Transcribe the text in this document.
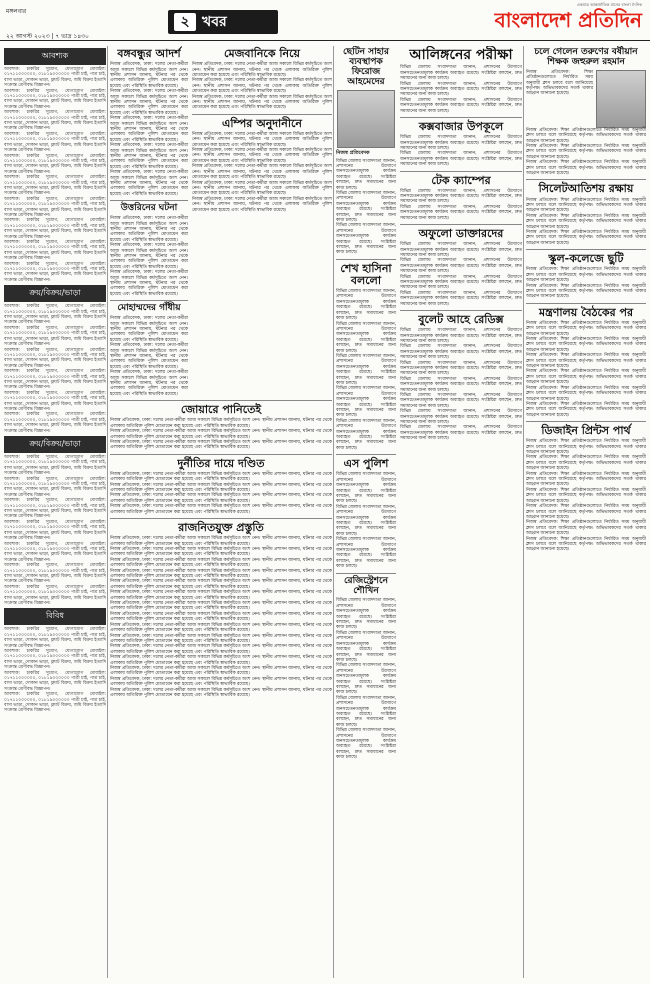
মঙ্গলবার
২২ আগস্ট ২০২৩ | ৭ ভাদ্র ১৪৩০
২ খবর
একমাত্র আন্তর্জাতিক মানের বাংলা দৈনিক
বাংলাদেশ প্রতিদিন
আবশ্যক

আবশ্যক: চাকরির সুযোগ, যোগাযোগ মোবাইল: ০১৭১১০০০০০০, ০১৮১৯০০০০০০ পাত্রী চাই, পাত্র চাই, বাসা ভাড়া, দোকান ভাড়া, ফ্ল্যাট বিক্রয়, জমি বিক্রয় ইত্যাদি সংক্রান্ত শ্রেণীবদ্ধ বিজ্ঞাপন।

আবশ্যক: চাকরির সুযোগ, যোগাযোগ মোবাইল: ০১৭১১০০০০০০, ০১৮১৯০০০০০০ পাত্রী চাই, পাত্র চাই, বাসা ভাড়া, দোকান ভাড়া, ফ্ল্যাট বিক্রয়, জমি বিক্রয় ইত্যাদি সংক্রান্ত শ্রেণীবদ্ধ বিজ্ঞাপন।

আবশ্যক: চাকরির সুযোগ, যোগাযোগ মোবাইল: ০১৭১১০০০০০০, ০১৮১৯০০০০০০ পাত্রী চাই, পাত্র চাই, বাসা ভাড়া, দোকান ভাড়া, ফ্ল্যাট বিক্রয়, জমি বিক্রয় ইত্যাদি সংক্রান্ত শ্রেণীবদ্ধ বিজ্ঞাপন।

আবশ্যক: চাকরির সুযোগ, যোগাযোগ মোবাইল: ০১৭১১০০০০০০, ০১৮১৯০০০০০০ পাত্রী চাই, পাত্র চাই, বাসা ভাড়া, দোকান ভাড়া, ফ্ল্যাট বিক্রয়, জমি বিক্রয় ইত্যাদি সংক্রান্ত শ্রেণীবদ্ধ বিজ্ঞাপন।

আবশ্যক: চাকরির সুযোগ, যোগাযোগ মোবাইল: ০১৭১১০০০০০০, ০১৮১৯০০০০০০ পাত্রী চাই, পাত্র চাই, বাসা ভাড়া, দোকান ভাড়া, ফ্ল্যাট বিক্রয়, জমি বিক্রয় ইত্যাদি সংক্রান্ত শ্রেণীবদ্ধ বিজ্ঞাপন।

আবশ্যক: চাকরির সুযোগ, যোগাযোগ মোবাইল: ০১৭১১০০০০০০, ০১৮১৯০০০০০০ পাত্রী চাই, পাত্র চাই, বাসা ভাড়া, দোকান ভাড়া, ফ্ল্যাট বিক্রয়, জমি বিক্রয় ইত্যাদি সংক্রান্ত শ্রেণীবদ্ধ বিজ্ঞাপন।

আবশ্যক: চাকরির সুযোগ, যোগাযোগ মোবাইল: ০১৭১১০০০০০০, ০১৮১৯০০০০০০ পাত্রী চাই, পাত্র চাই, বাসা ভাড়া, দোকান ভাড়া, ফ্ল্যাট বিক্রয়, জমি বিক্রয় ইত্যাদি সংক্রান্ত শ্রেণীবদ্ধ বিজ্ঞাপন।

আবশ্যক: চাকরির সুযোগ, যোগাযোগ মোবাইল: ০১৭১১০০০০০০, ০১৮১৯০০০০০০ পাত্রী চাই, পাত্র চাই, বাসা ভাড়া, দোকান ভাড়া, ফ্ল্যাট বিক্রয়, জমি বিক্রয় ইত্যাদি সংক্রান্ত শ্রেণীবদ্ধ বিজ্ঞাপন।

আবশ্যক: চাকরির সুযোগ, যোগাযোগ মোবাইল: ০১৭১১০০০০০০, ০১৮১৯০০০০০০ পাত্রী চাই, পাত্র চাই, বাসা ভাড়া, দোকান ভাড়া, ফ্ল্যাট বিক্রয়, জমি বিক্রয় ইত্যাদি সংক্রান্ত শ্রেণীবদ্ধ বিজ্ঞাপন।

আবশ্যক: চাকরির সুযোগ, যোগাযোগ মোবাইল: ০১৭১১০০০০০০, ০১৮১৯০০০০০০ পাত্রী চাই, পাত্র চাই, বাসা ভাড়া, দোকান ভাড়া, ফ্ল্যাট বিক্রয়, জমি বিক্রয় ইত্যাদি সংক্রান্ত শ্রেণীবদ্ধ বিজ্ঞাপন।

ক্রয়/বিক্রয়/ভাড়া

আবশ্যক: চাকরির সুযোগ, যোগাযোগ মোবাইল: ০১৭১১০০০০০০, ০১৮১৯০০০০০০ পাত্রী চাই, পাত্র চাই, বাসা ভাড়া, দোকান ভাড়া, ফ্ল্যাট বিক্রয়, জমি বিক্রয় ইত্যাদি সংক্রান্ত শ্রেণীবদ্ধ বিজ্ঞাপন।

আবশ্যক: চাকরির সুযোগ, যোগাযোগ মোবাইল: ০১৭১১০০০০০০, ০১৮১৯০০০০০০ পাত্রী চাই, পাত্র চাই, বাসা ভাড়া, দোকান ভাড়া, ফ্ল্যাট বিক্রয়, জমি বিক্রয় ইত্যাদি সংক্রান্ত শ্রেণীবদ্ধ বিজ্ঞাপন।

আবশ্যক: চাকরির সুযোগ, যোগাযোগ মোবাইল: ০১৭১১০০০০০০, ০১৮১৯০০০০০০ পাত্রী চাই, পাত্র চাই, বাসা ভাড়া, দোকান ভাড়া, ফ্ল্যাট বিক্রয়, জমি বিক্রয় ইত্যাদি সংক্রান্ত শ্রেণীবদ্ধ বিজ্ঞাপন।

আবশ্যক: চাকরির সুযোগ, যোগাযোগ মোবাইল: ০১৭১১০০০০০০, ০১৮১৯০০০০০০ পাত্রী চাই, পাত্র চাই, বাসা ভাড়া, দোকান ভাড়া, ফ্ল্যাট বিক্রয়, জমি বিক্রয় ইত্যাদি সংক্রান্ত শ্রেণীবদ্ধ বিজ্ঞাপন।

আবশ্যক: চাকরির সুযোগ, যোগাযোগ মোবাইল: ০১৭১১০০০০০০, ০১৮১৯০০০০০০ পাত্রী চাই, পাত্র চাই, বাসা ভাড়া, দোকান ভাড়া, ফ্ল্যাট বিক্রয়, জমি বিক্রয় ইত্যাদি সংক্রান্ত শ্রেণীবদ্ধ বিজ্ঞাপন।

আবশ্যক: চাকরির সুযোগ, যোগাযোগ মোবাইল: ০১৭১১০০০০০০, ০১৮১৯০০০০০০ পাত্রী চাই, পাত্র চাই, বাসা ভাড়া, দোকান ভাড়া, ফ্ল্যাট বিক্রয়, জমি বিক্রয় ইত্যাদি সংক্রান্ত শ্রেণীবদ্ধ বিজ্ঞাপন।

ক্রয়/বিক্রয়/ভাড়া

আবশ্যক: চাকরির সুযোগ, যোগাযোগ মোবাইল: ০১৭১১০০০০০০, ০১৮১৯০০০০০০ পাত্রী চাই, পাত্র চাই, বাসা ভাড়া, দোকান ভাড়া, ফ্ল্যাট বিক্রয়, জমি বিক্রয় ইত্যাদি সংক্রান্ত শ্রেণীবদ্ধ বিজ্ঞাপন।

আবশ্যক: চাকরির সুযোগ, যোগাযোগ মোবাইল: ০১৭১১০০০০০০, ০১৮১৯০০০০০০ পাত্রী চাই, পাত্র চাই, বাসা ভাড়া, দোকান ভাড়া, ফ্ল্যাট বিক্রয়, জমি বিক্রয় ইত্যাদি সংক্রান্ত শ্রেণীবদ্ধ বিজ্ঞাপন।

আবশ্যক: চাকরির সুযোগ, যোগাযোগ মোবাইল: ০১৭১১০০০০০০, ০১৮১৯০০০০০০ পাত্রী চাই, পাত্র চাই, বাসা ভাড়া, দোকান ভাড়া, ফ্ল্যাট বিক্রয়, জমি বিক্রয় ইত্যাদি সংক্রান্ত শ্রেণীবদ্ধ বিজ্ঞাপন।

আবশ্যক: চাকরির সুযোগ, যোগাযোগ মোবাইল: ০১৭১১০০০০০০, ০১৮১৯০০০০০০ পাত্রী চাই, পাত্র চাই, বাসা ভাড়া, দোকান ভাড়া, ফ্ল্যাট বিক্রয়, জমি বিক্রয় ইত্যাদি সংক্রান্ত শ্রেণীবদ্ধ বিজ্ঞাপন।

আবশ্যক: চাকরির সুযোগ, যোগাযোগ মোবাইল: ০১৭১১০০০০০০, ০১৮১৯০০০০০০ পাত্রী চাই, পাত্র চাই, বাসা ভাড়া, দোকান ভাড়া, ফ্ল্যাট বিক্রয়, জমি বিক্রয় ইত্যাদি সংক্রান্ত শ্রেণীবদ্ধ বিজ্ঞাপন।

আবশ্যক: চাকরির সুযোগ, যোগাযোগ মোবাইল: ০১৭১১০০০০০০, ০১৮১৯০০০০০০ পাত্রী চাই, পাত্র চাই, বাসা ভাড়া, দোকান ভাড়া, ফ্ল্যাট বিক্রয়, জমি বিক্রয় ইত্যাদি সংক্রান্ত শ্রেণীবদ্ধ বিজ্ঞাপন।

আবশ্যক: চাকরির সুযোগ, যোগাযোগ মোবাইল: ০১৭১১০০০০০০, ০১৮১৯০০০০০০ পাত্রী চাই, পাত্র চাই, বাসা ভাড়া, দোকান ভাড়া, ফ্ল্যাট বিক্রয়, জমি বিক্রয় ইত্যাদি সংক্রান্ত শ্রেণীবদ্ধ বিজ্ঞাপন।

বিবিধ

আবশ্যক: চাকরির সুযোগ, যোগাযোগ মোবাইল: ০১৭১১০০০০০০, ০১৮১৯০০০০০০ পাত্রী চাই, পাত্র চাই, বাসা ভাড়া, দোকান ভাড়া, ফ্ল্যাট বিক্রয়, জমি বিক্রয় ইত্যাদি সংক্রান্ত শ্রেণীবদ্ধ বিজ্ঞাপন।

আবশ্যক: চাকরির সুযোগ, যোগাযোগ মোবাইল: ০১৭১১০০০০০০, ০১৮১৯০০০০০০ পাত্রী চাই, পাত্র চাই, বাসা ভাড়া, দোকান ভাড়া, ফ্ল্যাট বিক্রয়, জমি বিক্রয় ইত্যাদি সংক্রান্ত শ্রেণীবদ্ধ বিজ্ঞাপন।

আবশ্যক: চাকরির সুযোগ, যোগাযোগ মোবাইল: ০১৭১১০০০০০০, ০১৮১৯০০০০০০ পাত্রী চাই, পাত্র চাই, বাসা ভাড়া, দোকান ভাড়া, ফ্ল্যাট বিক্রয়, জমি বিক্রয় ইত্যাদি সংক্রান্ত শ্রেণীবদ্ধ বিজ্ঞাপন।

আবশ্যক: চাকরির সুযোগ, যোগাযোগ মোবাইল: ০১৭১১০০০০০০, ০১৮১৯০০০০০০ পাত্রী চাই, পাত্র চাই, বাসা ভাড়া, দোকান ভাড়া, ফ্ল্যাট বিক্রয়, জমি বিক্রয় ইত্যাদি সংক্রান্ত শ্রেণীবদ্ধ বিজ্ঞাপন।

বঙ্গবন্ধুর আদর্শ

নিজস্ব প্রতিবেদক, ঢাকা: দলের নেতা-কর্মীরা আজ সকালে বিভিন্ন কর্মসূচিতে অংশ নেন। স্থানীয় প্রশাসন জানায়, ঘটনার পর থেকে এলাকায় অতিরিক্ত পুলিশ মোতায়েন করা হয়েছে এবং পরিস্থিতি স্বাভাবিক রয়েছে।

নিজস্ব প্রতিবেদক, ঢাকা: দলের নেতা-কর্মীরা আজ সকালে বিভিন্ন কর্মসূচিতে অংশ নেন। স্থানীয় প্রশাসন জানায়, ঘটনার পর থেকে এলাকায় অতিরিক্ত পুলিশ মোতায়েন করা হয়েছে এবং পরিস্থিতি স্বাভাবিক রয়েছে।

নিজস্ব প্রতিবেদক, ঢাকা: দলের নেতা-কর্মীরা আজ সকালে বিভিন্ন কর্মসূচিতে অংশ নেন। স্থানীয় প্রশাসন জানায়, ঘটনার পর থেকে এলাকায় অতিরিক্ত পুলিশ মোতায়েন করা হয়েছে এবং পরিস্থিতি স্বাভাবিক রয়েছে।

নিজস্ব প্রতিবেদক, ঢাকা: দলের নেতা-কর্মীরা আজ সকালে বিভিন্ন কর্মসূচিতে অংশ নেন। স্থানীয় প্রশাসন জানায়, ঘটনার পর থেকে এলাকায় অতিরিক্ত পুলিশ মোতায়েন করা হয়েছে এবং পরিস্থিতি স্বাভাবিক রয়েছে।

নিজস্ব প্রতিবেদক, ঢাকা: দলের নেতা-কর্মীরা আজ সকালে বিভিন্ন কর্মসূচিতে অংশ নেন। স্থানীয় প্রশাসন জানায়, ঘটনার পর থেকে এলাকায় অতিরিক্ত পুলিশ মোতায়েন করা হয়েছে এবং পরিস্থিতি স্বাভাবিক রয়েছে।

উত্তরিনের ঘটনা

নিজস্ব প্রতিবেদক, ঢাকা: দলের নেতা-কর্মীরা আজ সকালে বিভিন্ন কর্মসূচিতে অংশ নেন। স্থানীয় প্রশাসন জানায়, ঘটনার পর থেকে এলাকায় অতিরিক্ত পুলিশ মোতায়েন করা হয়েছে এবং পরিস্থিতি স্বাভাবিক রয়েছে।

নিজস্ব প্রতিবেদক, ঢাকা: দলের নেতা-কর্মীরা আজ সকালে বিভিন্ন কর্মসূচিতে অংশ নেন। স্থানীয় প্রশাসন জানায়, ঘটনার পর থেকে এলাকায় অতিরিক্ত পুলিশ মোতায়েন করা হয়েছে এবং পরিস্থিতি স্বাভাবিক রয়েছে।

নিজস্ব প্রতিবেদক, ঢাকা: দলের নেতা-কর্মীরা আজ সকালে বিভিন্ন কর্মসূচিতে অংশ নেন। স্থানীয় প্রশাসন জানায়, ঘটনার পর থেকে এলাকায় অতিরিক্ত পুলিশ মোতায়েন করা হয়েছে এবং পরিস্থিতি স্বাভাবিক রয়েছে।

মোহাম্মদের গাঁধীয়

নিজস্ব প্রতিবেদক, ঢাকা: দলের নেতা-কর্মীরা আজ সকালে বিভিন্ন কর্মসূচিতে অংশ নেন। স্থানীয় প্রশাসন জানায়, ঘটনার পর থেকে এলাকায় অতিরিক্ত পুলিশ মোতায়েন করা হয়েছে এবং পরিস্থিতি স্বাভাবিক রয়েছে।

নিজস্ব প্রতিবেদক, ঢাকা: দলের নেতা-কর্মীরা আজ সকালে বিভিন্ন কর্মসূচিতে অংশ নেন। স্থানীয় প্রশাসন জানায়, ঘটনার পর থেকে এলাকায় অতিরিক্ত পুলিশ মোতায়েন করা হয়েছে এবং পরিস্থিতি স্বাভাবিক রয়েছে।

নিজস্ব প্রতিবেদক, ঢাকা: দলের নেতা-কর্মীরা আজ সকালে বিভিন্ন কর্মসূচিতে অংশ নেন। স্থানীয় প্রশাসন জানায়, ঘটনার পর থেকে এলাকায় অতিরিক্ত পুলিশ মোতায়েন করা হয়েছে এবং পরিস্থিতি স্বাভাবিক রয়েছে।

মেজবানিকে নিয়ে

নিজস্ব প্রতিবেদক, ঢাকা: দলের নেতা-কর্মীরা আজ সকালে বিভিন্ন কর্মসূচিতে অংশ নেন। স্থানীয় প্রশাসন জানায়, ঘটনার পর থেকে এলাকায় অতিরিক্ত পুলিশ মোতায়েন করা হয়েছে এবং পরিস্থিতি স্বাভাবিক রয়েছে।

নিজস্ব প্রতিবেদক, ঢাকা: দলের নেতা-কর্মীরা আজ সকালে বিভিন্ন কর্মসূচিতে অংশ নেন। স্থানীয় প্রশাসন জানায়, ঘটনার পর থেকে এলাকায় অতিরিক্ত পুলিশ মোতায়েন করা হয়েছে এবং পরিস্থিতি স্বাভাবিক রয়েছে।

নিজস্ব প্রতিবেদক, ঢাকা: দলের নেতা-কর্মীরা আজ সকালে বিভিন্ন কর্মসূচিতে অংশ নেন। স্থানীয় প্রশাসন জানায়, ঘটনার পর থেকে এলাকায় অতিরিক্ত পুলিশ মোতায়েন করা হয়েছে এবং পরিস্থিতি স্বাভাবিক রয়েছে।

এম্পির অনুদানীনে

নিজস্ব প্রতিবেদক, ঢাকা: দলের নেতা-কর্মীরা আজ সকালে বিভিন্ন কর্মসূচিতে অংশ নেন। স্থানীয় প্রশাসন জানায়, ঘটনার পর থেকে এলাকায় অতিরিক্ত পুলিশ মোতায়েন করা হয়েছে এবং পরিস্থিতি স্বাভাবিক রয়েছে।

নিজস্ব প্রতিবেদক, ঢাকা: দলের নেতা-কর্মীরা আজ সকালে বিভিন্ন কর্মসূচিতে অংশ নেন। স্থানীয় প্রশাসন জানায়, ঘটনার পর থেকে এলাকায় অতিরিক্ত পুলিশ মোতায়েন করা হয়েছে এবং পরিস্থিতি স্বাভাবিক রয়েছে।

নিজস্ব প্রতিবেদক, ঢাকা: দলের নেতা-কর্মীরা আজ সকালে বিভিন্ন কর্মসূচিতে অংশ নেন। স্থানীয় প্রশাসন জানায়, ঘটনার পর থেকে এলাকায় অতিরিক্ত পুলিশ মোতায়েন করা হয়েছে এবং পরিস্থিতি স্বাভাবিক রয়েছে।

নিজস্ব প্রতিবেদক, ঢাকা: দলের নেতা-কর্মীরা আজ সকালে বিভিন্ন কর্মসূচিতে অংশ নেন। স্থানীয় প্রশাসন জানায়, ঘটনার পর থেকে এলাকায় অতিরিক্ত পুলিশ মোতায়েন করা হয়েছে এবং পরিস্থিতি স্বাভাবিক রয়েছে।

নিজস্ব প্রতিবেদক, ঢাকা: দলের নেতা-কর্মীরা আজ সকালে বিভিন্ন কর্মসূচিতে অংশ নেন। স্থানীয় প্রশাসন জানায়, ঘটনার পর থেকে এলাকায় অতিরিক্ত পুলিশ মোতায়েন করা হয়েছে এবং পরিস্থিতি স্বাভাবিক রয়েছে।

জোয়ারে পানিতেই

নিজস্ব প্রতিবেদক, ঢাকা: দলের নেতা-কর্মীরা আজ সকালে বিভিন্ন কর্মসূচিতে অংশ নেন। স্থানীয় প্রশাসন জানায়, ঘটনার পর থেকে এলাকায় অতিরিক্ত পুলিশ মোতায়েন করা হয়েছে এবং পরিস্থিতি স্বাভাবিক রয়েছে।

নিজস্ব প্রতিবেদক, ঢাকা: দলের নেতা-কর্মীরা আজ সকালে বিভিন্ন কর্মসূচিতে অংশ নেন। স্থানীয় প্রশাসন জানায়, ঘটনার পর থেকে এলাকায় অতিরিক্ত পুলিশ মোতায়েন করা হয়েছে এবং পরিস্থিতি স্বাভাবিক রয়েছে।

নিজস্ব প্রতিবেদক, ঢাকা: দলের নেতা-কর্মীরা আজ সকালে বিভিন্ন কর্মসূচিতে অংশ নেন। স্থানীয় প্রশাসন জানায়, ঘটনার পর থেকে এলাকায় অতিরিক্ত পুলিশ মোতায়েন করা হয়েছে এবং পরিস্থিতি স্বাভাবিক রয়েছে।

দুর্নীতির দায়ে দণ্ডিত

নিজস্ব প্রতিবেদক, ঢাকা: দলের নেতা-কর্মীরা আজ সকালে বিভিন্ন কর্মসূচিতে অংশ নেন। স্থানীয় প্রশাসন জানায়, ঘটনার পর থেকে এলাকায় অতিরিক্ত পুলিশ মোতায়েন করা হয়েছে এবং পরিস্থিতি স্বাভাবিক রয়েছে।

নিজস্ব প্রতিবেদক, ঢাকা: দলের নেতা-কর্মীরা আজ সকালে বিভিন্ন কর্মসূচিতে অংশ নেন। স্থানীয় প্রশাসন জানায়, ঘটনার পর থেকে এলাকায় অতিরিক্ত পুলিশ মোতায়েন করা হয়েছে এবং পরিস্থিতি স্বাভাবিক রয়েছে।

নিজস্ব প্রতিবেদক, ঢাকা: দলের নেতা-কর্মীরা আজ সকালে বিভিন্ন কর্মসূচিতে অংশ নেন। স্থানীয় প্রশাসন জানায়, ঘটনার পর থেকে এলাকায় অতিরিক্ত পুলিশ মোতায়েন করা হয়েছে এবং পরিস্থিতি স্বাভাবিক রয়েছে।

নিজস্ব প্রতিবেদক, ঢাকা: দলের নেতা-কর্মীরা আজ সকালে বিভিন্ন কর্মসূচিতে অংশ নেন। স্থানীয় প্রশাসন জানায়, ঘটনার পর থেকে এলাকায় অতিরিক্ত পুলিশ মোতায়েন করা হয়েছে এবং পরিস্থিতি স্বাভাবিক রয়েছে।

রাজনিতয়ুক্ত প্রস্তুতি

নিজস্ব প্রতিবেদক, ঢাকা: দলের নেতা-কর্মীরা আজ সকালে বিভিন্ন কর্মসূচিতে অংশ নেন। স্থানীয় প্রশাসন জানায়, ঘটনার পর থেকে এলাকায় অতিরিক্ত পুলিশ মোতায়েন করা হয়েছে এবং পরিস্থিতি স্বাভাবিক রয়েছে।

নিজস্ব প্রতিবেদক, ঢাকা: দলের নেতা-কর্মীরা আজ সকালে বিভিন্ন কর্মসূচিতে অংশ নেন। স্থানীয় প্রশাসন জানায়, ঘটনার পর থেকে এলাকায় অতিরিক্ত পুলিশ মোতায়েন করা হয়েছে এবং পরিস্থিতি স্বাভাবিক রয়েছে।

নিজস্ব প্রতিবেদক, ঢাকা: দলের নেতা-কর্মীরা আজ সকালে বিভিন্ন কর্মসূচিতে অংশ নেন। স্থানীয় প্রশাসন জানায়, ঘটনার পর থেকে এলাকায় অতিরিক্ত পুলিশ মোতায়েন করা হয়েছে এবং পরিস্থিতি স্বাভাবিক রয়েছে।

নিজস্ব প্রতিবেদক, ঢাকা: দলের নেতা-কর্মীরা আজ সকালে বিভিন্ন কর্মসূচিতে অংশ নেন। স্থানীয় প্রশাসন জানায়, ঘটনার পর থেকে এলাকায় অতিরিক্ত পুলিশ মোতায়েন করা হয়েছে এবং পরিস্থিতি স্বাভাবিক রয়েছে।

নিজস্ব প্রতিবেদক, ঢাকা: দলের নেতা-কর্মীরা আজ সকালে বিভিন্ন কর্মসূচিতে অংশ নেন। স্থানীয় প্রশাসন জানায়, ঘটনার পর থেকে এলাকায় অতিরিক্ত পুলিশ মোতায়েন করা হয়েছে এবং পরিস্থিতি স্বাভাবিক রয়েছে।

নিজস্ব প্রতিবেদক, ঢাকা: দলের নেতা-কর্মীরা আজ সকালে বিভিন্ন কর্মসূচিতে অংশ নেন। স্থানীয় প্রশাসন জানায়, ঘটনার পর থেকে এলাকায় অতিরিক্ত পুলিশ মোতায়েন করা হয়েছে এবং পরিস্থিতি স্বাভাবিক রয়েছে।

নিজস্ব প্রতিবেদক, ঢাকা: দলের নেতা-কর্মীরা আজ সকালে বিভিন্ন কর্মসূচিতে অংশ নেন। স্থানীয় প্রশাসন জানায়, ঘটনার পর থেকে এলাকায় অতিরিক্ত পুলিশ মোতায়েন করা হয়েছে এবং পরিস্থিতি স্বাভাবিক রয়েছে।

নিজস্ব প্রতিবেদক, ঢাকা: দলের নেতা-কর্মীরা আজ সকালে বিভিন্ন কর্মসূচিতে অংশ নেন। স্থানীয় প্রশাসন জানায়, ঘটনার পর থেকে এলাকায় অতিরিক্ত পুলিশ মোতায়েন করা হয়েছে এবং পরিস্থিতি স্বাভাবিক রয়েছে।

নিজস্ব প্রতিবেদক, ঢাকা: দলের নেতা-কর্মীরা আজ সকালে বিভিন্ন কর্মসূচিতে অংশ নেন। স্থানীয় প্রশাসন জানায়, ঘটনার পর থেকে এলাকায় অতিরিক্ত পুলিশ মোতায়েন করা হয়েছে এবং পরিস্থিতি স্বাভাবিক রয়েছে।

নিজস্ব প্রতিবেদক, ঢাকা: দলের নেতা-কর্মীরা আজ সকালে বিভিন্ন কর্মসূচিতে অংশ নেন। স্থানীয় প্রশাসন জানায়, ঘটনার পর থেকে এলাকায় অতিরিক্ত পুলিশ মোতায়েন করা হয়েছে এবং পরিস্থিতি স্বাভাবিক রয়েছে।

নিজস্ব প্রতিবেদক, ঢাকা: দলের নেতা-কর্মীরা আজ সকালে বিভিন্ন কর্মসূচিতে অংশ নেন। স্থানীয় প্রশাসন জানায়, ঘটনার পর থেকে এলাকায় অতিরিক্ত পুলিশ মোতায়েন করা হয়েছে এবং পরিস্থিতি স্বাভাবিক রয়েছে।

নিজস্ব প্রতিবেদক, ঢাকা: দলের নেতা-কর্মীরা আজ সকালে বিভিন্ন কর্মসূচিতে অংশ নেন। স্থানীয় প্রশাসন জানায়, ঘটনার পর থেকে এলাকায় অতিরিক্ত পুলিশ মোতায়েন করা হয়েছে এবং পরিস্থিতি স্বাভাবিক রয়েছে।

নিজস্ব প্রতিবেদক, ঢাকা: দলের নেতা-কর্মীরা আজ সকালে বিভিন্ন কর্মসূচিতে অংশ নেন। স্থানীয় প্রশাসন জানায়, ঘটনার পর থেকে এলাকায় অতিরিক্ত পুলিশ মোতায়েন করা হয়েছে এবং পরিস্থিতি স্বাভাবিক রয়েছে।

নিজস্ব প্রতিবেদক, ঢাকা: দলের নেতা-কর্মীরা আজ সকালে বিভিন্ন কর্মসূচিতে অংশ নেন। স্থানীয় প্রশাসন জানায়, ঘটনার পর থেকে এলাকায় অতিরিক্ত পুলিশ মোতায়েন করা হয়েছে এবং পরিস্থিতি স্বাভাবিক রয়েছে।

নিজস্ব প্রতিবেদক, ঢাকা: দলের নেতা-কর্মীরা আজ সকালে বিভিন্ন কর্মসূচিতে অংশ নেন। স্থানীয় প্রশাসন জানায়, ঘটনার পর থেকে এলাকায় অতিরিক্ত পুলিশ মোতায়েন করা হয়েছে এবং পরিস্থিতি স্বাভাবিক রয়েছে।

ছেটিন সাহার ব্যবস্থাপক ফিরোজ আহমেদের
নিজস্ব প্রতিবেদক

বিভিন্ন জেলায় সংবাদদাতা জানান, প্রশাসনের উদ্যোগে জনসচেতনতামূলক কার্যক্রম অব্যাহত রয়েছে। সংশ্লিষ্টরা বলছেন, দ্রুত সমাধানের জন্য কাজ চলছে।

বিভিন্ন জেলায় সংবাদদাতা জানান, প্রশাসনের উদ্যোগে জনসচেতনতামূলক কার্যক্রম অব্যাহত রয়েছে। সংশ্লিষ্টরা বলছেন, দ্রুত সমাধানের জন্য কাজ চলছে।

বিভিন্ন জেলায় সংবাদদাতা জানান, প্রশাসনের উদ্যোগে জনসচেতনতামূলক কার্যক্রম অব্যাহত রয়েছে। সংশ্লিষ্টরা বলছেন, দ্রুত সমাধানের জন্য কাজ চলছে।

শেখ হাসিনা বললো

বিভিন্ন জেলায় সংবাদদাতা জানান, প্রশাসনের উদ্যোগে জনসচেতনতামূলক কার্যক্রম অব্যাহত রয়েছে। সংশ্লিষ্টরা বলছেন, দ্রুত সমাধানের জন্য কাজ চলছে।

বিভিন্ন জেলায় সংবাদদাতা জানান, প্রশাসনের উদ্যোগে জনসচেতনতামূলক কার্যক্রম অব্যাহত রয়েছে। সংশ্লিষ্টরা বলছেন, দ্রুত সমাধানের জন্য কাজ চলছে।

বিভিন্ন জেলায় সংবাদদাতা জানান, প্রশাসনের উদ্যোগে জনসচেতনতামূলক কার্যক্রম অব্যাহত রয়েছে। সংশ্লিষ্টরা বলছেন, দ্রুত সমাধানের জন্য কাজ চলছে।

বিভিন্ন জেলায় সংবাদদাতা জানান, প্রশাসনের উদ্যোগে জনসচেতনতামূলক কার্যক্রম অব্যাহত রয়েছে। সংশ্লিষ্টরা বলছেন, দ্রুত সমাধানের জন্য কাজ চলছে।

বিভিন্ন জেলায় সংবাদদাতা জানান, প্রশাসনের উদ্যোগে জনসচেতনতামূলক কার্যক্রম অব্যাহত রয়েছে। সংশ্লিষ্টরা বলছেন, দ্রুত সমাধানের জন্য কাজ চলছে।

এস পুলিশ

বিভিন্ন জেলায় সংবাদদাতা জানান, প্রশাসনের উদ্যোগে জনসচেতনতামূলক কার্যক্রম অব্যাহত রয়েছে। সংশ্লিষ্টরা বলছেন, দ্রুত সমাধানের জন্য কাজ চলছে।

বিভিন্ন জেলায় সংবাদদাতা জানান, প্রশাসনের উদ্যোগে জনসচেতনতামূলক কার্যক্রম অব্যাহত রয়েছে। সংশ্লিষ্টরা বলছেন, দ্রুত সমাধানের জন্য কাজ চলছে।

বিভিন্ন জেলায় সংবাদদাতা জানান, প্রশাসনের উদ্যোগে জনসচেতনতামূলক কার্যক্রম অব্যাহত রয়েছে। সংশ্লিষ্টরা বলছেন, দ্রুত সমাধানের জন্য কাজ চলছে।

রেজিস্ট্রেশনে শৌখিন

বিভিন্ন জেলায় সংবাদদাতা জানান, প্রশাসনের উদ্যোগে জনসচেতনতামূলক কার্যক্রম অব্যাহত রয়েছে। সংশ্লিষ্টরা বলছেন, দ্রুত সমাধানের জন্য কাজ চলছে।

বিভিন্ন জেলায় সংবাদদাতা জানান, প্রশাসনের উদ্যোগে জনসচেতনতামূলক কার্যক্রম অব্যাহত রয়েছে। সংশ্লিষ্টরা বলছেন, দ্রুত সমাধানের জন্য কাজ চলছে।

বিভিন্ন জেলায় সংবাদদাতা জানান, প্রশাসনের উদ্যোগে জনসচেতনতামূলক কার্যক্রম অব্যাহত রয়েছে। সংশ্লিষ্টরা বলছেন, দ্রুত সমাধানের জন্য কাজ চলছে।

বিভিন্ন জেলায় সংবাদদাতা জানান, প্রশাসনের উদ্যোগে জনসচেতনতামূলক কার্যক্রম অব্যাহত রয়েছে। সংশ্লিষ্টরা বলছেন, দ্রুত সমাধানের জন্য কাজ চলছে।

বিভিন্ন জেলায় সংবাদদাতা জানান, প্রশাসনের উদ্যোগে জনসচেতনতামূলক কার্যক্রম অব্যাহত রয়েছে। সংশ্লিষ্টরা বলছেন, দ্রুত সমাধানের জন্য কাজ চলছে।

আলিঙ্গনের পরীক্ষা

বিভিন্ন জেলায় সংবাদদাতা জানান, প্রশাসনের উদ্যোগে জনসচেতনতামূলক কার্যক্রম অব্যাহত রয়েছে। সংশ্লিষ্টরা বলছেন, দ্রুত সমাধানের জন্য কাজ চলছে।

বিভিন্ন জেলায় সংবাদদাতা জানান, প্রশাসনের উদ্যোগে জনসচেতনতামূলক কার্যক্রম অব্যাহত রয়েছে। সংশ্লিষ্টরা বলছেন, দ্রুত সমাধানের জন্য কাজ চলছে।

বিভিন্ন জেলায় সংবাদদাতা জানান, প্রশাসনের উদ্যোগে জনসচেতনতামূলক কার্যক্রম অব্যাহত রয়েছে। সংশ্লিষ্টরা বলছেন, দ্রুত সমাধানের জন্য কাজ চলছে।

কক্সবাজার উপকূলে

বিভিন্ন জেলায় সংবাদদাতা জানান, প্রশাসনের উদ্যোগে জনসচেতনতামূলক কার্যক্রম অব্যাহত রয়েছে। সংশ্লিষ্টরা বলছেন, দ্রুত সমাধানের জন্য কাজ চলছে।

বিভিন্ন জেলায় সংবাদদাতা জানান, প্রশাসনের উদ্যোগে জনসচেতনতামূলক কার্যক্রম অব্যাহত রয়েছে। সংশ্লিষ্টরা বলছেন, দ্রুত সমাধানের জন্য কাজ চলছে।

টেক ক্যাম্পের

বিভিন্ন জেলায় সংবাদদাতা জানান, প্রশাসনের উদ্যোগে জনসচেতনতামূলক কার্যক্রম অব্যাহত রয়েছে। সংশ্লিষ্টরা বলছেন, দ্রুত সমাধানের জন্য কাজ চলছে।

বিভিন্ন জেলায় সংবাদদাতা জানান, প্রশাসনের উদ্যোগে জনসচেতনতামূলক কার্যক্রম অব্যাহত রয়েছে। সংশ্লিষ্টরা বলছেন, দ্রুত সমাধানের জন্য কাজ চলছে।

অফুলো ডাক্তারদের

বিভিন্ন জেলায় সংবাদদাতা জানান, প্রশাসনের উদ্যোগে জনসচেতনতামূলক কার্যক্রম অব্যাহত রয়েছে। সংশ্লিষ্টরা বলছেন, দ্রুত সমাধানের জন্য কাজ চলছে।

বিভিন্ন জেলায় সংবাদদাতা জানান, প্রশাসনের উদ্যোগে জনসচেতনতামূলক কার্যক্রম অব্যাহত রয়েছে। সংশ্লিষ্টরা বলছেন, দ্রুত সমাধানের জন্য কাজ চলছে।

বিভিন্ন জেলায় সংবাদদাতা জানান, প্রশাসনের উদ্যোগে জনসচেতনতামূলক কার্যক্রম অব্যাহত রয়েছে। সংশ্লিষ্টরা বলছেন, দ্রুত সমাধানের জন্য কাজ চলছে।

বিভিন্ন জেলায় সংবাদদাতা জানান, প্রশাসনের উদ্যোগে জনসচেতনতামূলক কার্যক্রম অব্যাহত রয়েছে। সংশ্লিষ্টরা বলছেন, দ্রুত সমাধানের জন্য কাজ চলছে।

বুলেট আহে রেডিক্স

বিভিন্ন জেলায় সংবাদদাতা জানান, প্রশাসনের উদ্যোগে জনসচেতনতামূলক কার্যক্রম অব্যাহত রয়েছে। সংশ্লিষ্টরা বলছেন, দ্রুত সমাধানের জন্য কাজ চলছে।

বিভিন্ন জেলায় সংবাদদাতা জানান, প্রশাসনের উদ্যোগে জনসচেতনতামূলক কার্যক্রম অব্যাহত রয়েছে। সংশ্লিষ্টরা বলছেন, দ্রুত সমাধানের জন্য কাজ চলছে।

বিভিন্ন জেলায় সংবাদদাতা জানান, প্রশাসনের উদ্যোগে জনসচেতনতামূলক কার্যক্রম অব্যাহত রয়েছে। সংশ্লিষ্টরা বলছেন, দ্রুত সমাধানের জন্য কাজ চলছে।

বিভিন্ন জেলায় সংবাদদাতা জানান, প্রশাসনের উদ্যোগে জনসচেতনতামূলক কার্যক্রম অব্যাহত রয়েছে। সংশ্লিষ্টরা বলছেন, দ্রুত সমাধানের জন্য কাজ চলছে।

বিভিন্ন জেলায় সংবাদদাতা জানান, প্রশাসনের উদ্যোগে জনসচেতনতামূলক কার্যক্রম অব্যাহত রয়েছে। সংশ্লিষ্টরা বলছেন, দ্রুত সমাধানের জন্য কাজ চলছে।

বিভিন্ন জেলায় সংবাদদাতা জানান, প্রশাসনের উদ্যোগে জনসচেতনতামূলক কার্যক্রম অব্যাহত রয়েছে। সংশ্লিষ্টরা বলছেন, দ্রুত সমাধানের জন্য কাজ চলছে।

বিভিন্ন জেলায় সংবাদদাতা জানান, প্রশাসনের উদ্যোগে জনসচেতনতামূলক কার্যক্রম অব্যাহত রয়েছে। সংশ্লিষ্টরা বলছেন, দ্রুত সমাধানের জন্য কাজ চলছে।

চলে গেলেন তরুণের বর্ষীয়ান শিক্ষক জহুরুল রহমান

নিজস্ব প্রতিবেদক: শিক্ষা প্রতিষ্ঠানগুলোতে নির্ধারিত সময় অনুযায়ী ক্লাস চলবে বলে জানিয়েছে কর্তৃপক্ষ। অভিভাবকদের সতর্ক থাকার আহ্বান জানানো হয়েছে।

নিজস্ব প্রতিবেদক: শিক্ষা প্রতিষ্ঠানগুলোতে নির্ধারিত সময় অনুযায়ী ক্লাস চলবে বলে জানিয়েছে কর্তৃপক্ষ। অভিভাবকদের সতর্ক থাকার আহ্বান জানানো হয়েছে।

নিজস্ব প্রতিবেদক: শিক্ষা প্রতিষ্ঠানগুলোতে নির্ধারিত সময় অনুযায়ী ক্লাস চলবে বলে জানিয়েছে কর্তৃপক্ষ। অভিভাবকদের সতর্ক থাকার আহ্বান জানানো হয়েছে।

নিজস্ব প্রতিবেদক: শিক্ষা প্রতিষ্ঠানগুলোতে নির্ধারিত সময় অনুযায়ী ক্লাস চলবে বলে জানিয়েছে কর্তৃপক্ষ। অভিভাবকদের সতর্ক থাকার আহ্বান জানানো হয়েছে।

সিলেটআতিশয় রক্ষায়

নিজস্ব প্রতিবেদক: শিক্ষা প্রতিষ্ঠানগুলোতে নির্ধারিত সময় অনুযায়ী ক্লাস চলবে বলে জানিয়েছে কর্তৃপক্ষ। অভিভাবকদের সতর্ক থাকার আহ্বান জানানো হয়েছে।

নিজস্ব প্রতিবেদক: শিক্ষা প্রতিষ্ঠানগুলোতে নির্ধারিত সময় অনুযায়ী ক্লাস চলবে বলে জানিয়েছে কর্তৃপক্ষ। অভিভাবকদের সতর্ক থাকার আহ্বান জানানো হয়েছে।

নিজস্ব প্রতিবেদক: শিক্ষা প্রতিষ্ঠানগুলোতে নির্ধারিত সময় অনুযায়ী ক্লাস চলবে বলে জানিয়েছে কর্তৃপক্ষ। অভিভাবকদের সতর্ক থাকার আহ্বান জানানো হয়েছে।

স্কুল-কলেজে ছুটি

নিজস্ব প্রতিবেদক: শিক্ষা প্রতিষ্ঠানগুলোতে নির্ধারিত সময় অনুযায়ী ক্লাস চলবে বলে জানিয়েছে কর্তৃপক্ষ। অভিভাবকদের সতর্ক থাকার আহ্বান জানানো হয়েছে।

নিজস্ব প্রতিবেদক: শিক্ষা প্রতিষ্ঠানগুলোতে নির্ধারিত সময় অনুযায়ী ক্লাস চলবে বলে জানিয়েছে কর্তৃপক্ষ। অভিভাবকদের সতর্ক থাকার আহ্বান জানানো হয়েছে।

মন্ত্রণালয় বৈঠকের পর

নিজস্ব প্রতিবেদক: শিক্ষা প্রতিষ্ঠানগুলোতে নির্ধারিত সময় অনুযায়ী ক্লাস চলবে বলে জানিয়েছে কর্তৃপক্ষ। অভিভাবকদের সতর্ক থাকার আহ্বান জানানো হয়েছে।

নিজস্ব প্রতিবেদক: শিক্ষা প্রতিষ্ঠানগুলোতে নির্ধারিত সময় অনুযায়ী ক্লাস চলবে বলে জানিয়েছে কর্তৃপক্ষ। অভিভাবকদের সতর্ক থাকার আহ্বান জানানো হয়েছে।

নিজস্ব প্রতিবেদক: শিক্ষা প্রতিষ্ঠানগুলোতে নির্ধারিত সময় অনুযায়ী ক্লাস চলবে বলে জানিয়েছে কর্তৃপক্ষ। অভিভাবকদের সতর্ক থাকার আহ্বান জানানো হয়েছে।

নিজস্ব প্রতিবেদক: শিক্ষা প্রতিষ্ঠানগুলোতে নির্ধারিত সময় অনুযায়ী ক্লাস চলবে বলে জানিয়েছে কর্তৃপক্ষ। অভিভাবকদের সতর্ক থাকার আহ্বান জানানো হয়েছে।

নিজস্ব প্রতিবেদক: শিক্ষা প্রতিষ্ঠানগুলোতে নির্ধারিত সময় অনুযায়ী ক্লাস চলবে বলে জানিয়েছে কর্তৃপক্ষ। অভিভাবকদের সতর্ক থাকার আহ্বান জানানো হয়েছে।

নিজস্ব প্রতিবেদক: শিক্ষা প্রতিষ্ঠানগুলোতে নির্ধারিত সময় অনুযায়ী ক্লাস চলবে বলে জানিয়েছে কর্তৃপক্ষ। অভিভাবকদের সতর্ক থাকার আহ্বান জানানো হয়েছে।

ডিজাইন প্রিন্টস পার্থ

নিজস্ব প্রতিবেদক: শিক্ষা প্রতিষ্ঠানগুলোতে নির্ধারিত সময় অনুযায়ী ক্লাস চলবে বলে জানিয়েছে কর্তৃপক্ষ। অভিভাবকদের সতর্ক থাকার আহ্বান জানানো হয়েছে।

নিজস্ব প্রতিবেদক: শিক্ষা প্রতিষ্ঠানগুলোতে নির্ধারিত সময় অনুযায়ী ক্লাস চলবে বলে জানিয়েছে কর্তৃপক্ষ। অভিভাবকদের সতর্ক থাকার আহ্বান জানানো হয়েছে।

নিজস্ব প্রতিবেদক: শিক্ষা প্রতিষ্ঠানগুলোতে নির্ধারিত সময় অনুযায়ী ক্লাস চলবে বলে জানিয়েছে কর্তৃপক্ষ। অভিভাবকদের সতর্ক থাকার আহ্বান জানানো হয়েছে।

নিজস্ব প্রতিবেদক: শিক্ষা প্রতিষ্ঠানগুলোতে নির্ধারিত সময় অনুযায়ী ক্লাস চলবে বলে জানিয়েছে কর্তৃপক্ষ। অভিভাবকদের সতর্ক থাকার আহ্বান জানানো হয়েছে।

নিজস্ব প্রতিবেদক: শিক্ষা প্রতিষ্ঠানগুলোতে নির্ধারিত সময় অনুযায়ী ক্লাস চলবে বলে জানিয়েছে কর্তৃপক্ষ। অভিভাবকদের সতর্ক থাকার আহ্বান জানানো হয়েছে।

নিজস্ব প্রতিবেদক: শিক্ষা প্রতিষ্ঠানগুলোতে নির্ধারিত সময় অনুযায়ী ক্লাস চলবে বলে জানিয়েছে কর্তৃপক্ষ। অভিভাবকদের সতর্ক থাকার আহ্বান জানানো হয়েছে।

নিজস্ব প্রতিবেদক: শিক্ষা প্রতিষ্ঠানগুলোতে নির্ধারিত সময় অনুযায়ী ক্লাস চলবে বলে জানিয়েছে কর্তৃপক্ষ। অভিভাবকদের সতর্ক থাকার আহ্বান জানানো হয়েছে।
